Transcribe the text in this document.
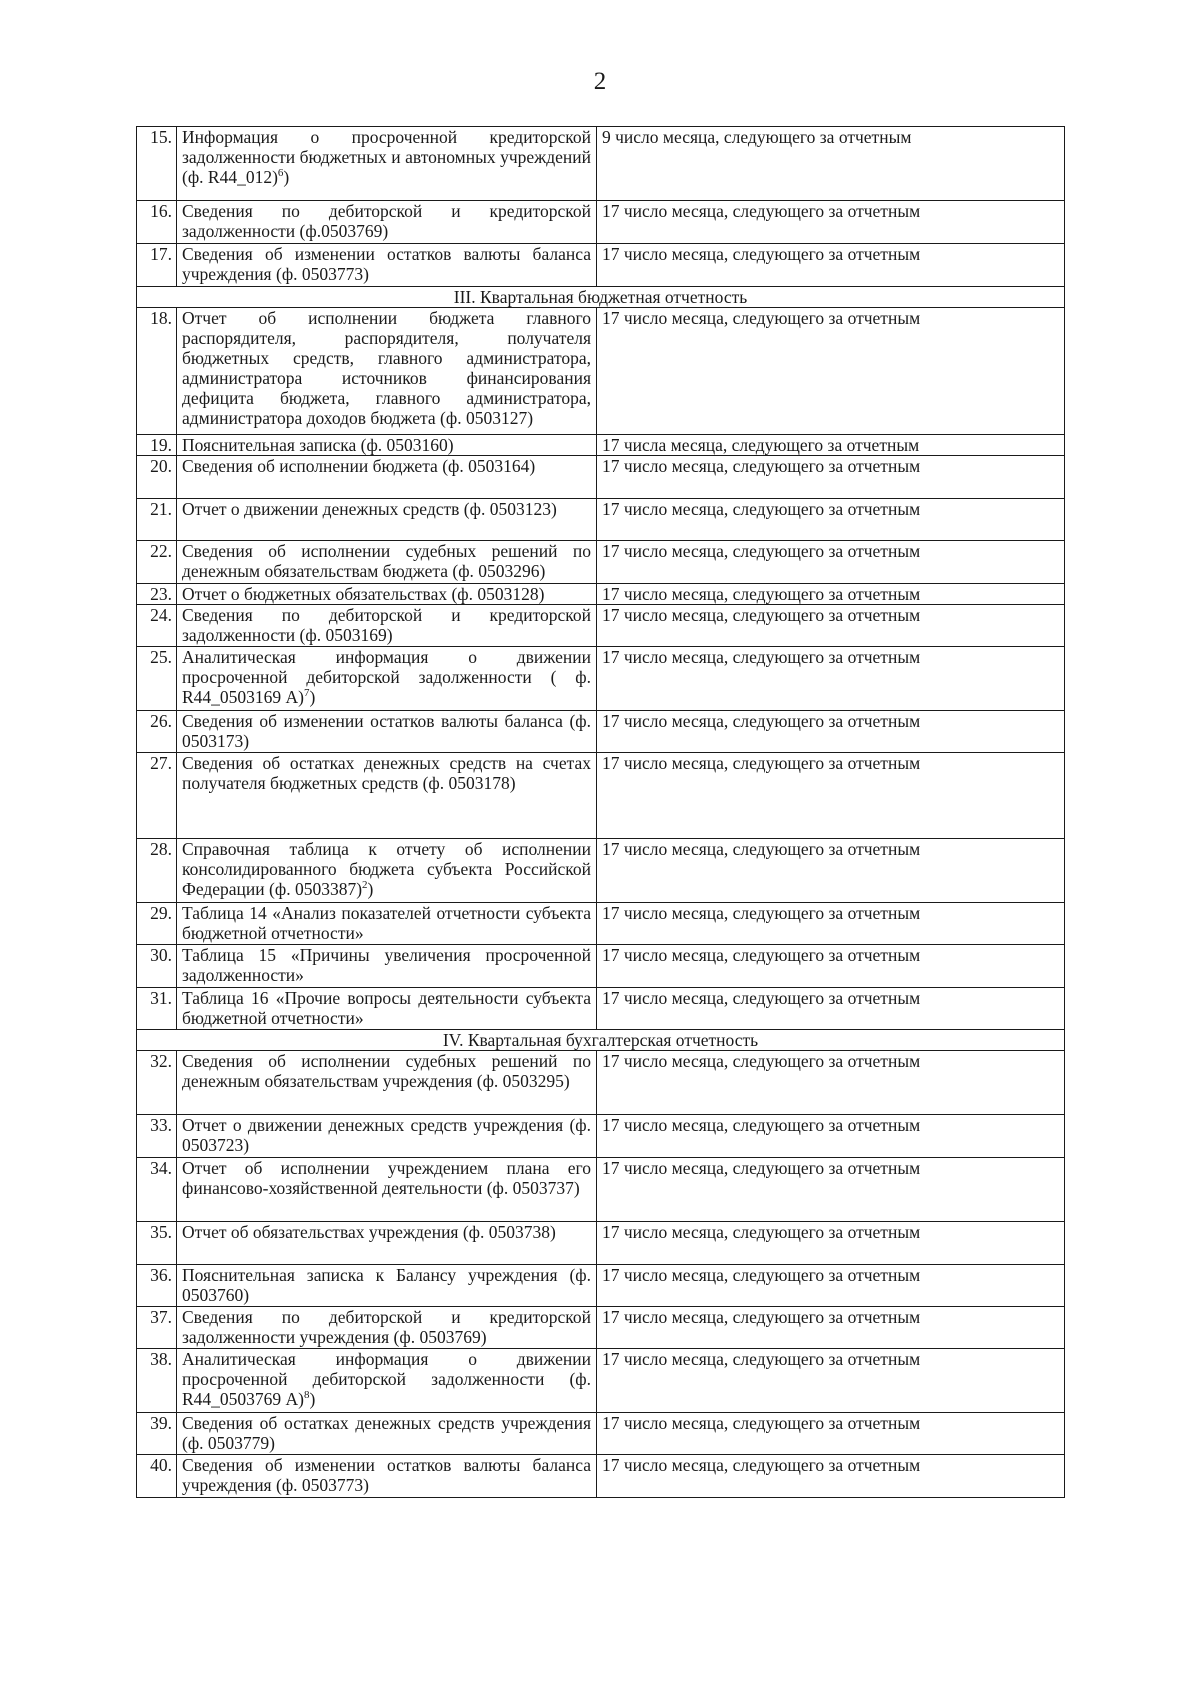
2
15.	Информация о просроченной кредиторской задолженности бюджетных и автономных учреждений (ф. R44_012)$^6$)	9 число месяца, следующего за отчетным
16.	Сведения по дебиторской и кредиторской задолженности (ф.0503769)	17 число месяца, следующего за отчетным
17.	Сведения об изменении остатков валюты баланса учреждения (ф. 0503773)	17 число месяца, следующего за отчетным
III. Квартальная бюджетная отчетность		
18.	Отчет об исполнении бюджета главного распорядителя, распорядителя, получателя бюджетных средств, главного администратора, администратора источников финансирования дефицита бюджета, главного администратора, администратора доходов бюджета (ф. 0503127)	17 число месяца, следующего за отчетным
19.	Пояснительная записка (ф. 0503160)	17 числа месяца, следующего за отчетным
20.	Сведения об исполнении бюджета (ф. 0503164)	17 число месяца, следующего за отчетным
21.	Отчет о движении денежных средств (ф. 0503123)	17 число месяца, следующего за отчетным
22.	Сведения об исполнении судебных решений по денежным обязательствам бюджета (ф. 0503296)	17 число месяца, следующего за отчетным
23.	Отчет о бюджетных обязательствах (ф. 0503128)	17 число месяца, следующего за отчетным
24.	Сведения по дебиторской и кредиторской задолженности (ф. 0503169)	17 число месяца, следующего за отчетным
25.	Аналитическая информация о движении просроченной дебиторской задолженности ( ф. R44_0503169 А)$^7$)	17 число месяца, следующего за отчетным
26.	Сведения об изменении остатков валюты баланса (ф. 0503173)	17 число месяца, следующего за отчетным
27.	Сведения об остатках денежных средств на счетах получателя бюджетных средств (ф. 0503178)	17 число месяца, следующего за отчетным
28.	Справочная таблица к отчету об исполнении консолидированного бюджета субъекта Российской Федерации (ф. 0503387)$^2$)	17 число месяца, следующего за отчетным
29.	Таблица 14 «Анализ показателей отчетности субъекта бюджетной отчетности»	17 число месяца, следующего за отчетным
30.	Таблица 15 «Причины увеличения просроченной задолженности»	17 число месяца, следующего за отчетным
31.	Таблица 16 «Прочие вопросы деятельности субъекта бюджетной отчетности»	17 число месяца, следующего за отчетным
IV. Квартальная бухгалтерская отчетность		
32.	Сведения об исполнении судебных решений по денежным обязательствам учреждения (ф. 0503295)	17 число месяца, следующего за отчетным
33.	Отчет о движении денежных средств учреждения (ф. 0503723)	17 число месяца, следующего за отчетным
34.	Отчет об исполнении учреждением плана его финансово-хозяйственной деятельности (ф. 0503737)	17 число месяца, следующего за отчетным
35.	Отчет об обязательствах учреждения (ф. 0503738)	17 число месяца, следующего за отчетным
36.	Пояснительная записка к Балансу учреждения (ф. 0503760)	17 число месяца, следующего за отчетным
37.	Сведения по дебиторской и кредиторской задолженности учреждения (ф. 0503769)	17 число месяца, следующего за отчетным
38.	Аналитическая информация о движении просроченной дебиторской задолженности (ф. R44_0503769 А)$^8$)	17 число месяца, следующего за отчетным
39.	Сведения об остатках денежных средств учреждения (ф. 0503779)	17 число месяца, следующего за отчетным
40.	Сведения об изменении остатков валюты баланса учреждения (ф. 0503773)	17 число месяца, следующего за отчетным
